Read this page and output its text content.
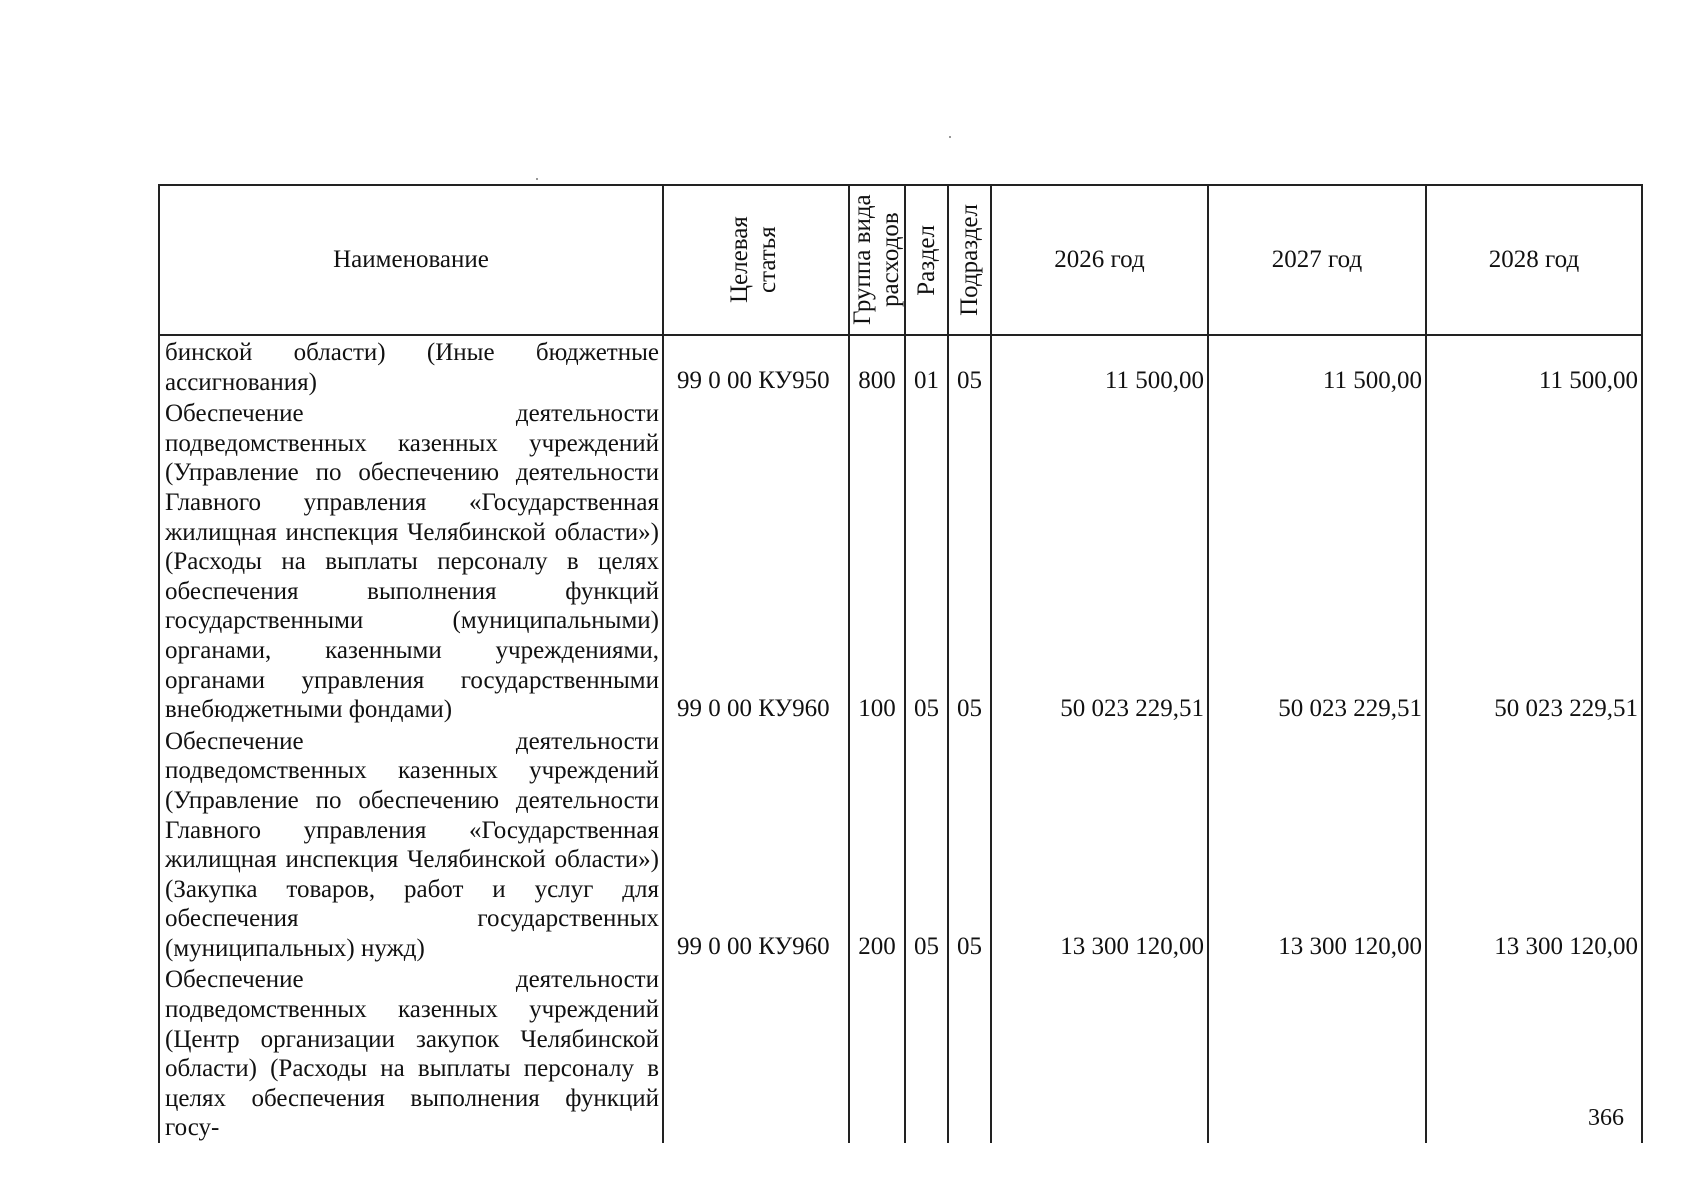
Наименование	Целевая статья	Группа вида расходов	Раздел	Подраздел	2026 год	2027 год	2028 год
бинской области) (Иные бюджетные ассигнования)	99 0 00 КУ950	800	01	05	11 500,00	11 500,00	11 500,00
Обеспечение деятельности подведомственных казенных учреждений (Управление по обеспечению деятельности Главного управления «Государственная жилищная инспекция Челябинской области») (Расходы на выплаты персоналу в целях обеспечения выполнения функций государственными (муниципальными) органами, казенными учреждениями, органами управления государственными внебюджетными фондами)	99 0 00 КУ960	100	05	05	50 023 229,51	50 023 229,51	50 023 229,51
Обеспечение деятельности подведомственных казенных учреждений (Управление по обеспечению деятельности Главного управления «Государственная жилищная инспекция Челябинской области») (Закупка товаров, работ и услуг для обеспечения государственных (муниципальных) нужд)	99 0 00 КУ960	200	05	05	13 300 120,00	13 300 120,00	13 300 120,00
Обеспечение деятельности подведомственных казенных учреждений (Центр организации закупок Челябинской области) (Расходы на выплаты персоналу в целях обеспечения выполнения функций госу-								366
